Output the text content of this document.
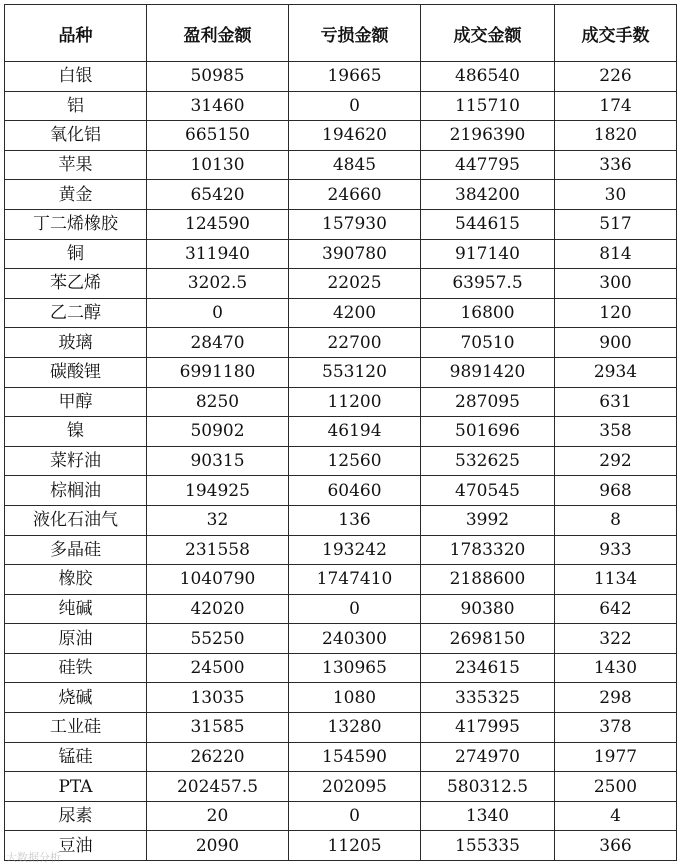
品种	盈利金额	亏损金额	成交金额	成交手数
白银	50985	19665	486540	226
铝	31460	0	115710	174
氧化铝	665150	194620	2196390	1820
苹果	10130	4845	447795	336
黄金	65420	24660	384200	30
丁二烯橡胶	124590	157930	544615	517
铜	311940	390780	917140	814
苯乙烯	3202.5	22025	63957.5	300
乙二醇	0	4200	16800	120
玻璃	28470	22700	70510	900
碳酸锂	6991180	553120	9891420	2934
甲醇	8250	11200	287095	631
镍	50902	46194	501696	358
菜籽油	90315	12560	532625	292
棕榈油	194925	60460	470545	968
液化石油气	32	136	3992	8
多晶硅	231558	193242	1783320	933
橡胶	1040790	1747410	2188600	1134
纯碱	42020	0	90380	642
原油	55250	240300	2698150	322
硅铁	24500	130965	234615	1430
烧碱	13035	1080	335325	298
工业硅	31585	13280	417995	378
锰硅	26220	154590	274970	1977
PTA	202457.5	202095	580312.5	2500
尿素	20	0	1340	4
豆油	2090	11205	155335	366
大数据分析
